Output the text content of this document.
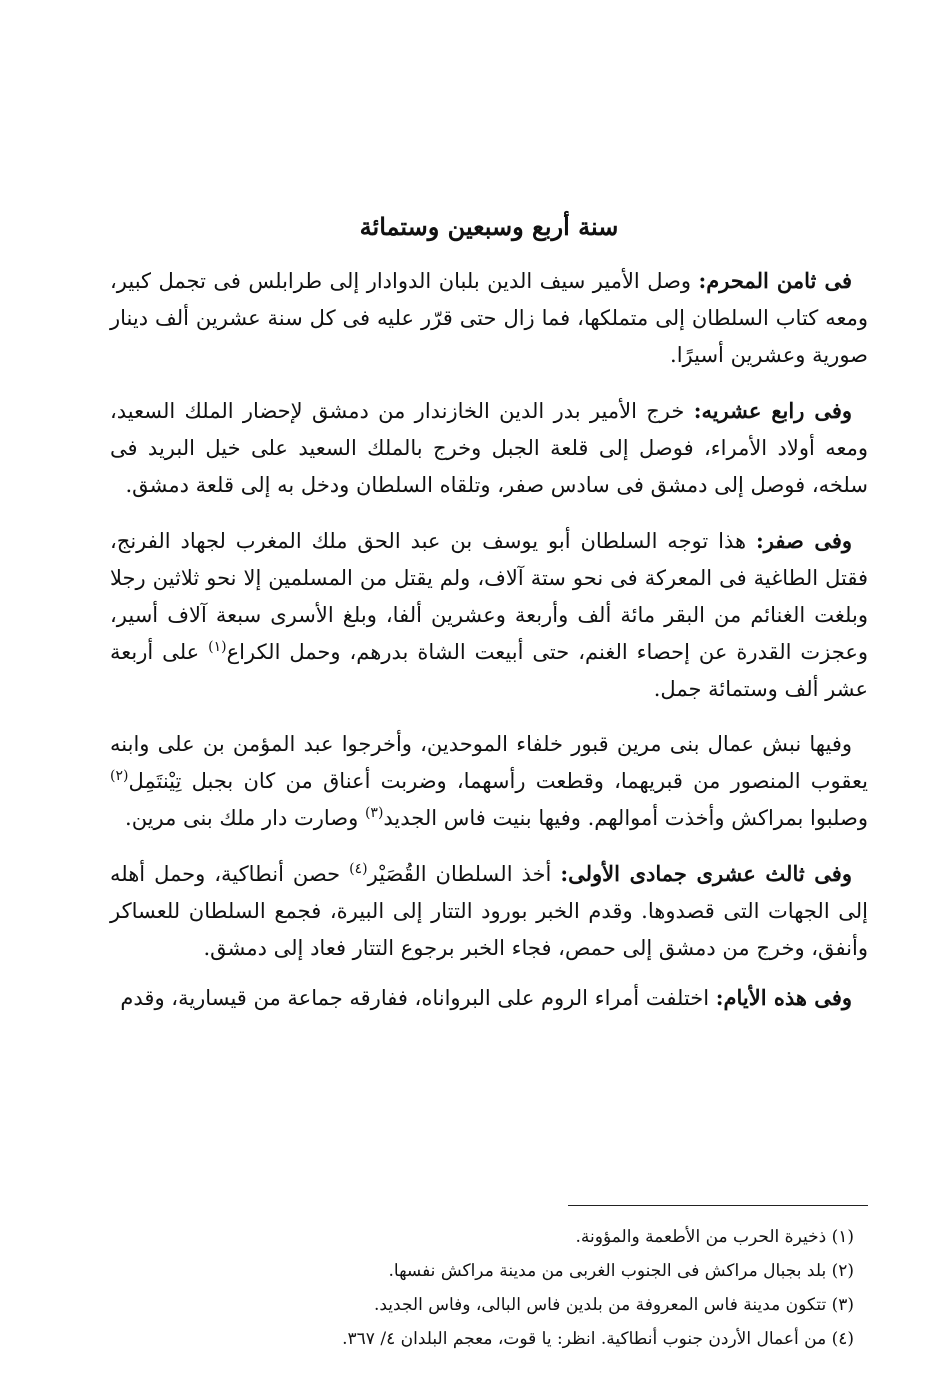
سنة أربع وسبعين وستمائة

فى ثامن المحرم: وصل الأمير سيف الدين بلبان الدوادار إلى طرابلس فى تجمل كبير، ومعه كتاب السلطان إلى متملكها، فما زال حتى قرّر عليه فى كل سنة عشرين ألف دينار صورية وعشرين أسيرًا.

وفى رابع عشريه: خرج الأمير بدر الدين الخازندار من دمشق لإحضار الملك السعيد، ومعه أولاد الأمراء، فوصل إلى قلعة الجبل وخرج بالملك السعيد على خيل البريد فى سلخه، فوصل إلى دمشق فى سادس صفر، وتلقاه السلطان ودخل به إلى قلعة دمشق.

وفى صفر: هذا توجه السلطان أبو يوسف بن عبد الحق ملك المغرب لجهاد الفرنج، فقتل الطاغية فى المعركة فى نحو ستة آلاف، ولم يقتل من المسلمين إلا نحو ثلاثين رجلا وبلغت الغنائم من البقر مائة ألف وأربعة وعشرين ألفا، وبلغ الأسرى سبعة آلاف أسير، وعجزت القدرة عن إحصاء الغنم، حتى أبيعت الشاة بدرهم، وحمل الكراع$^{(١)}$ على أربعة عشر ألف وستمائة جمل.

وفيها نبش عمال بنى مرين قبور خلفاء الموحدين، وأخرجوا عبد المؤمن بن على وابنه يعقوب المنصور من قبريهما، وقطعت رأسهما، وضربت أعناق من كان بجبل تِيْنتَمِل$^{(٢)}$ وصلبوا بمراكش وأخذت أموالهم. وفيها بنيت فاس الجديد$^{(٣)}$ وصارت دار ملك بنى مرين.

وفى ثالث عشرى جمادى الأولى: أخذ السلطان القُصَيْر$^{(٤)}$ حصن أنطاكية، وحمل أهله إلى الجهات التى قصدوها. وقدم الخبر بورود التتار إلى البيرة، فجمع السلطان للعساكر وأنفق، وخرج من دمشق إلى حمص، فجاء الخبر برجوع التتار فعاد إلى دمشق.

وفى هذه الأيام: اختلفت أمراء الروم على البرواناه، ففارقه جماعة من قيسارية، وقدم

(١) ذخيرة الحرب من الأطعمة والمؤونة.

(٢) بلد بجبال مراكش فى الجنوب الغربى من مدينة مراكش نفسها.

(٣) تتكون مدينة فاس المعروفة من بلدين فاس البالى، وفاس الجديد.

(٤) من أعمال الأردن جنوب أنطاكية. انظر: يا قوت، معجم البلدان ٤/ ٣٦٧.
